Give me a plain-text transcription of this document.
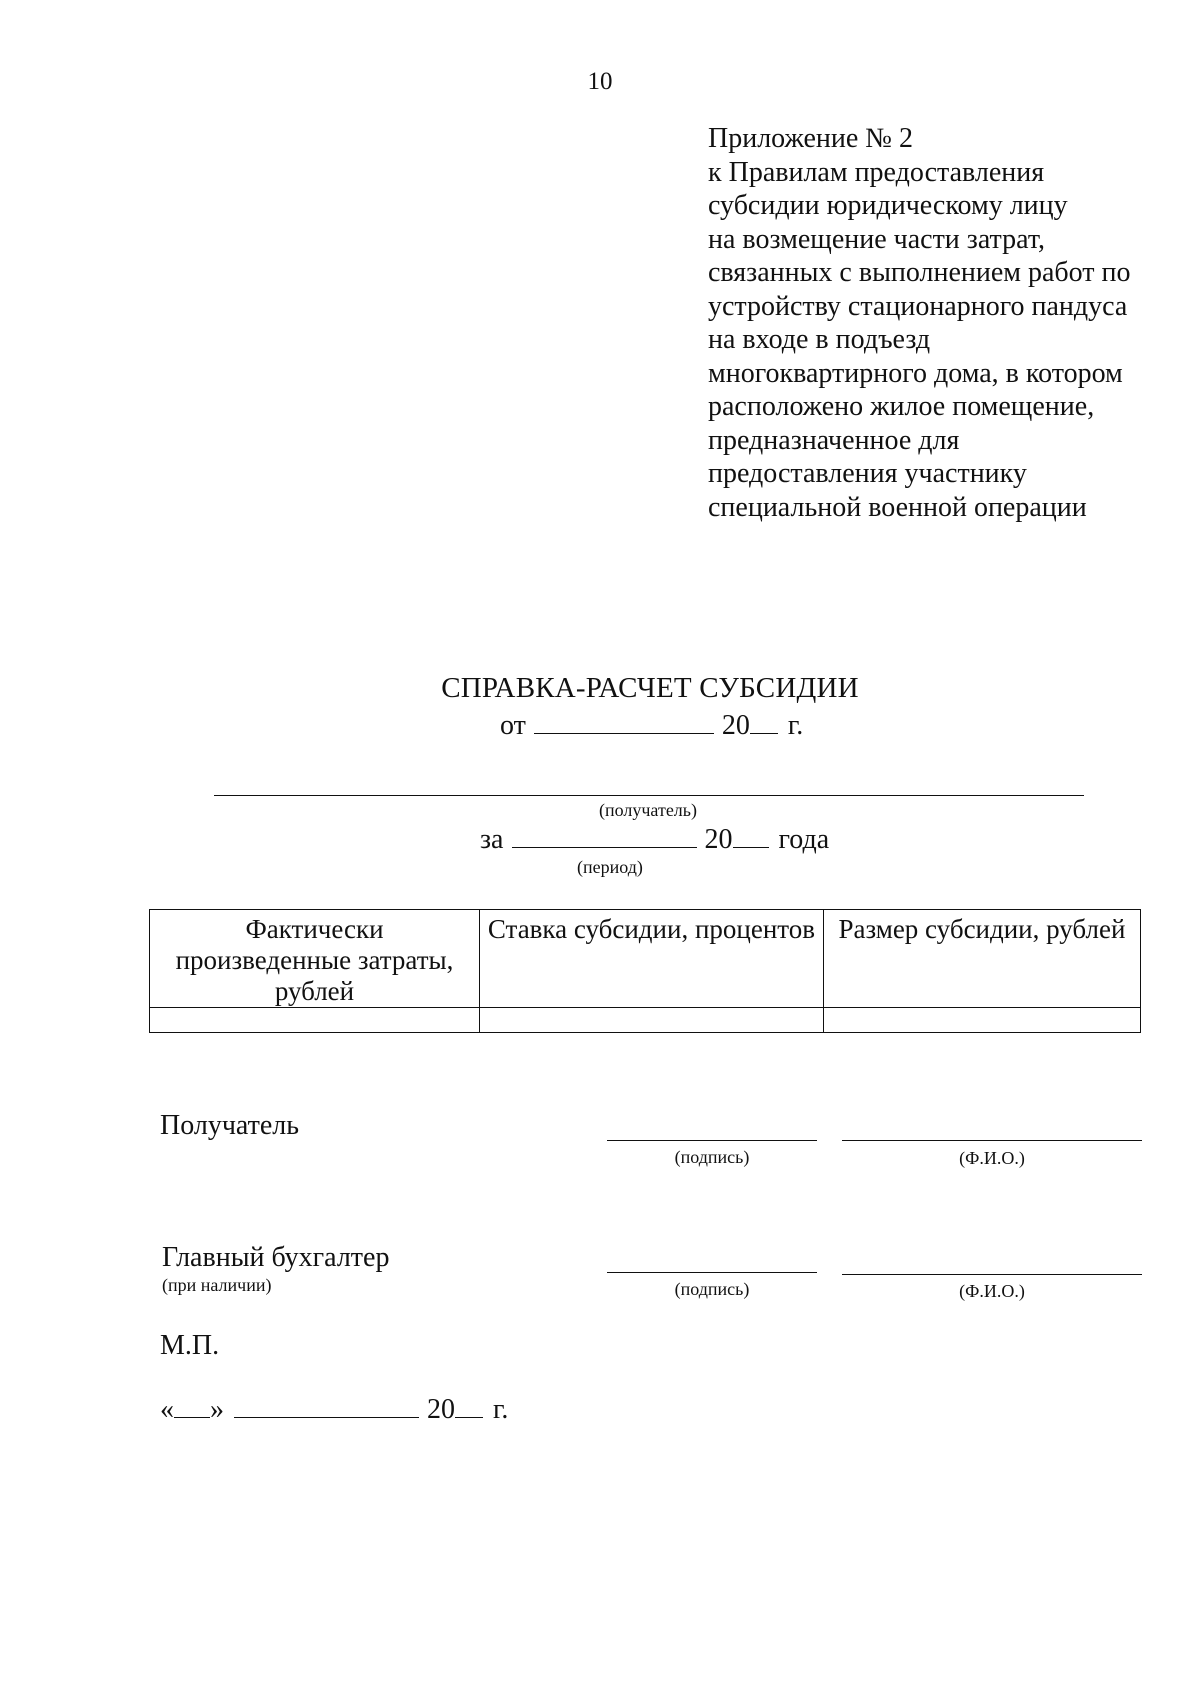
10
Приложение № 2
к Правилам предоставления
субсидии юридическому лицу
на возмещение части затрат,
связанных с выполнением работ по
устройству стационарного пандуса
на входе в подъезд
многоквартирного дома, в котором
расположено жилое помещение,
предназначенное для
предоставления участнику
специальной военной операции
СПРАВКА-РАСЧЕТ СУБСИДИИ
от	20 г.
(получатель)
за	20 года
(период)
Фактически произведенные затраты, рублей	Ставка субсидии, процентов	Размер субсидии, рублей

Получатель
(подпись)	(Ф.И.О.)
Главный бухгалтер
(при наличии)	(подпись)	(Ф.И.О.)
М.П.
« »	20 г.
